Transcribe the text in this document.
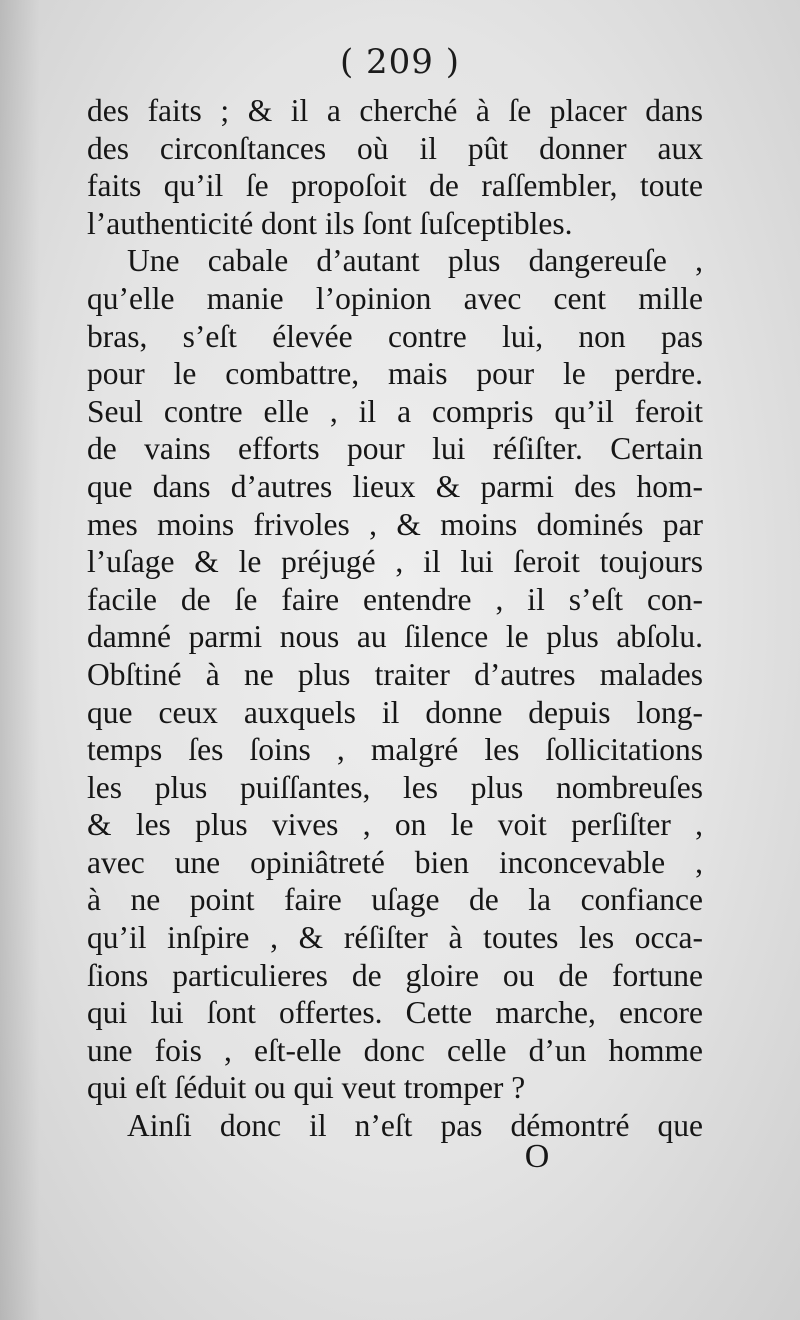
( 209 )
des faits ; & il a cherché à ſe placer dans
des circonſtances où il pût donner aux
faits qu’il ſe propoſoit de raſſembler, toute
l’authenticité dont ils ſont ſuſceptibles.
Une cabale d’autant plus dangereuſe ,
qu’elle manie l’opinion avec cent mille
bras, s’eſt élevée contre lui, non pas
pour le combattre, mais pour le perdre.
Seul contre elle , il a compris qu’il feroit
de vains efforts pour lui réſiſter. Certain
que dans d’autres lieux & parmi des hom-
mes moins frivoles , & moins dominés par
l’uſage & le préjugé , il lui ſeroit toujours
facile de ſe faire entendre , il s’eſt con-
damné parmi nous au ſilence le plus abſolu.
Obſtiné à ne plus traiter d’autres malades
que ceux auxquels il donne depuis long-
temps ſes ſoins , malgré les ſollicitations
les plus puiſſantes, les plus nombreuſes
& les plus vives , on le voit perſiſter ,
avec une opiniâtreté bien inconcevable ,
à ne point faire uſage de la confiance
qu’il inſpire , & réſiſter à toutes les occa-
ſions particulieres de gloire ou de fortune
qui lui ſont offertes. Cette marche, encore
une fois , eſt-elle donc celle d’un homme
qui eſt ſéduit ou qui veut tromper ?
Ainſi donc il n’eſt pas démontré que
O
